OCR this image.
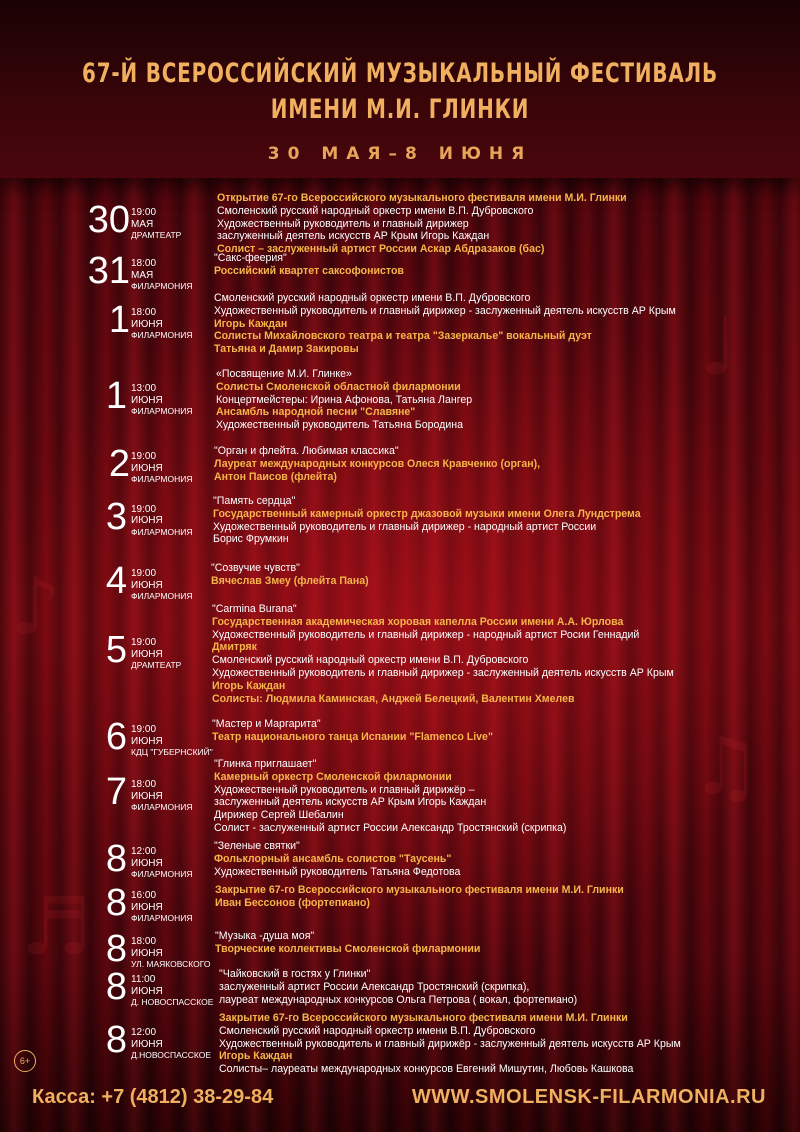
♪
♫
♬
♩
67-Й ВСЕРОССИЙСКИЙ МУЗЫКАЛЬНЫЙ ФЕСТИВАЛЬ
ИМЕНИ М.И. ГЛИНКИ
30 МАЯ–8 ИЮНЯ
30 19:00
МАЯ
ДРАМТЕАТР
Открытие 67-го Всероссийского музыкального фестиваля имени М.И. Глинки
Смоленский русский народный оркестр имени В.П. Дубровского
Художественный руководитель и главный дирижер
заслуженный деятель искусств АР Крым Игорь Каждан
Солист – заслуженный артист России Аскар Абдразаков (бас)
31 18:00
МАЯ
ФИЛАРМОНИЯ
"Сакс-феерия"
Российский квартет саксофонистов
1 18:00
ИЮНЯ
ФИЛАРМОНИЯ
Смоленский русский народный оркестр имени В.П. Дубровского
Художественный руководитель и главный дирижер - заслуженный деятель искусств АР Крым
Игорь Каждан
Солисты Михайловского театра и театра "Зазеркалье" вокальный дуэт
Татьяна и Дамир Закировы
1 13:00
ИЮНЯ
ФИЛАРМОНИЯ
«Посвящение М.И. Глинке»
Солисты Смоленской областной филармонии
Концертмейстеры: Ирина Афонова, Татьяна Лангер
Ансамбль народной песни "Славяне"
Художественный руководитель Татьяна Бородина
2 19:00
ИЮНЯ
ФИЛАРМОНИЯ
"Орган и флейта. Любимая классика"
Лауреат международных конкурсов Олеся Кравченко (орган),
Антон Паисов (флейта)
3 19:00
ИЮНЯ
ФИЛАРМОНИЯ
"Память сердца"
Государственный камерный оркестр джазовой музыки имени Олега Лундстрема
Художественный руководитель и главный дирижер - народный артист России
Борис Фрумкин
4 19:00
ИЮНЯ
ФИЛАРМОНИЯ
"Созвучие чувств"
Вячеслав Змеу (флейта Пана)
5 19:00
ИЮНЯ
ДРАМТЕАТР
"Carmina Burana"
Государственная академическая хоровая капелла России имени А.А. Юрлова
Художественный руководитель и главный дирижер - народный артист Росии Геннадий
Дмитряк
Смоленский русский народный оркестр имени В.П. Дубровского
Художественный руководитель и главный дирижер - заслуженный деятель искусств АР Крым
Игорь Каждан
Солисты: Людмила Каминская, Анджей Белецкий, Валентин Хмелев
6 19:00
ИЮНЯ
КДЦ "ГУБЕРНСКИЙ"
"Мастер и Маргарита"
Театр национального танца Испании "Flamenco Live"
7 18:00
ИЮНЯ
ФИЛАРМОНИЯ
"Глинка приглашает"
Камерный оркестр Смоленской филармонии
Художественный руководитель и главный дирижёр –
заслуженный деятель искусств АР Крым Игорь Каждан
Дирижер Сергей Шебалин
Солист - заслуженный артист России Александр Тростянский (скрипка)
8 12:00
ИЮНЯ
ФИЛАРМОНИЯ
"Зеленые святки"
Фольклорный ансамбль солистов "Таусень"
Художественный руководитель Татьяна Федотова
8 16:00
ИЮНЯ
ФИЛАРМОНИЯ
Закрытие 67-го Всероссийского музыкального фестиваля имени М.И. Глинки
Иван Бессонов (фортепиано)
8 18:00
ИЮНЯ
УЛ. МАЯКОВСКОГО
"Музыка -душа моя"
Творческие коллективы Смоленской филармонии
8 11:00
ИЮНЯ
Д. НОВОСПАССКОЕ
"Чайковский в гостях у Глинки"
заслуженный артист России Александр Тростянский (скрипка),
лауреат международных конкурсов Ольга Петрова ( вокал, фортепиано)
8 12:00
ИЮНЯ
Д.НОВОСПАССКОЕ
Закрытие 67-го Всероссийского музыкального фестиваля имени М.И. Глинки
Смоленский русский народный оркестр имени В.П. Дубровского
Художественный руководитель и главный дирижёр - заслуженный деятель искусств АР Крым
Игорь Каждан
Солисты– лауреаты международных конкурсов Евгений Мишутин, Любовь Кашкова
6+
Касса: +7 (4812) 38-29-84	WWW.SMOLENSK-FILARMONIA.RU
